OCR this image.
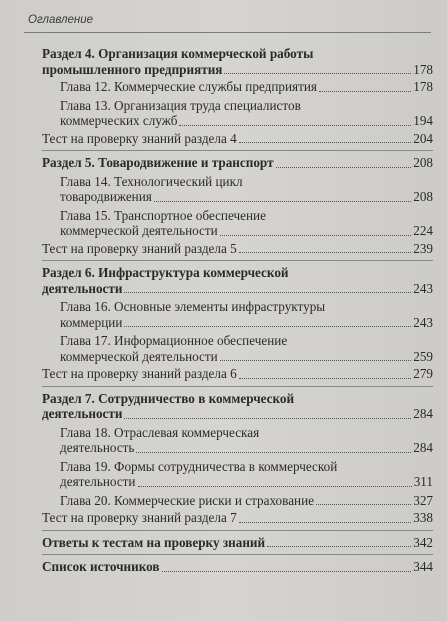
Оглавление
Раздел 4. Организация коммерческой работы
промышленного предприятия	178
Глава 12. Коммерческие службы предприятия	178
Глава 13. Организация труда специалистов
коммерческих служб	194
Тест на проверку знаний раздела 4	204
Раздел 5. Товародвижение и транспорт	208
Глава 14. Технологический цикл
товародвижения	208
Глава 15. Транспортное обеспечение
коммерческой деятельности	224
Тест на проверку знаний раздела 5	239
Раздел 6. Инфраструктура коммерческой
деятельности	243
Глава 16. Основные элементы инфраструктуры
коммерции	243
Глава 17. Информационное обеспечение
коммерческой деятельности	259
Тест на проверку знаний раздела 6	279
Раздел 7. Сотрудничество в коммерческой
деятельности	284
Глава 18. Отраслевая коммерческая
деятельность	284
Глава 19. Формы сотрудничества в коммерческой
деятельности	311
Глава 20. Коммерческие риски и страхование	327
Тест на проверку знаний раздела 7	338
Ответы к тестам на проверку знаний	342
Список источников	344
